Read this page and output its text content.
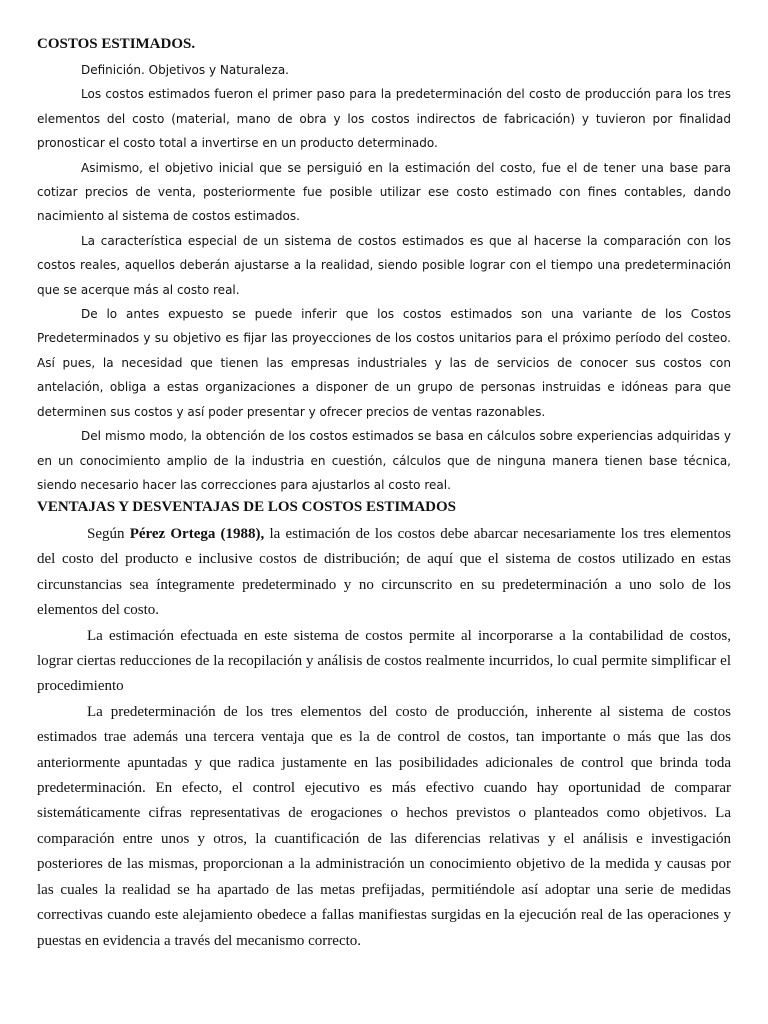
COSTOS ESTIMADOS.
Definición. Objetivos y Naturaleza.

Los costos estimados fueron el primer paso para la predeterminación del costo de producción para los tres elementos del costo (material, mano de obra y los costos indirectos de fabricación) y tuvieron por finalidad pronosticar el costo total a invertirse en un producto determinado.

Asimismo, el objetivo inicial que se persiguió en la estimación del costo, fue el de tener una base para cotizar precios de venta, posteriormente fue posible utilizar ese costo estimado con fines contables, dando nacimiento al sistema de costos estimados.

La característica especial de un sistema de costos estimados es que al hacerse la comparación con los costos reales, aquellos deberán ajustarse a la realidad, siendo posible lograr con el tiempo una predeterminación que se acerque más al costo real.

De lo antes expuesto se puede inferir que los costos estimados son una variante de los Costos Predeterminados y su objetivo es fijar las proyecciones de los costos unitarios para el próximo período del costeo. Así pues, la necesidad que tienen las empresas industriales y las de servicios de conocer sus costos con antelación, obliga a estas organizaciones a disponer de un grupo de personas instruidas e idóneas para que determinen sus costos y así poder presentar y ofrecer precios de ventas razonables.

Del mismo modo, la obtención de los costos estimados se basa en cálculos sobre experiencias adquiridas y en un conocimiento amplio de la industria en cuestión, cálculos que de ninguna manera tienen base técnica, siendo necesario hacer las correcciones para ajustarlos al costo real.

VENTAJAS Y DESVENTAJAS DE LOS COSTOS ESTIMADOS

Según Pérez Ortega (1988), la estimación de los costos debe abarcar necesariamente los tres elementos del costo del producto e inclusive costos de distribución; de aquí que el sistema de costos utilizado en estas circunstancias sea íntegramente predeterminado y no circunscrito en su predeterminación a uno solo de los elementos del costo.

La estimación efectuada en este sistema de costos permite al incorporarse a la contabilidad de costos, lograr ciertas reducciones de la recopilación y análisis de costos realmente incurridos, lo cual permite simplificar el procedimiento

La predeterminación de los tres elementos del costo de producción, inherente al sistema de costos estimados trae además una tercera ventaja que es la de control de costos, tan importante o más que las dos anteriormente apuntadas y que radica justamente en las posibilidades adicionales de control que brinda toda predeterminación. En efecto, el control ejecutivo es más efectivo cuando hay oportunidad de comparar sistemáticamente cifras representativas de erogaciones o hechos previstos o planteados como objetivos. La comparación entre unos y otros, la cuantificación de las diferencias relativas y el análisis e investigación posteriores de las mismas, proporcionan a la administración un conocimiento objetivo de la medida y causas por las cuales la realidad se ha apartado de las metas prefijadas, permitiéndole así adoptar una serie de medidas correctivas cuando este alejamiento obedece a fallas manifiestas surgidas en la ejecución real de las operaciones y puestas en evidencia a través del mecanismo correcto.
